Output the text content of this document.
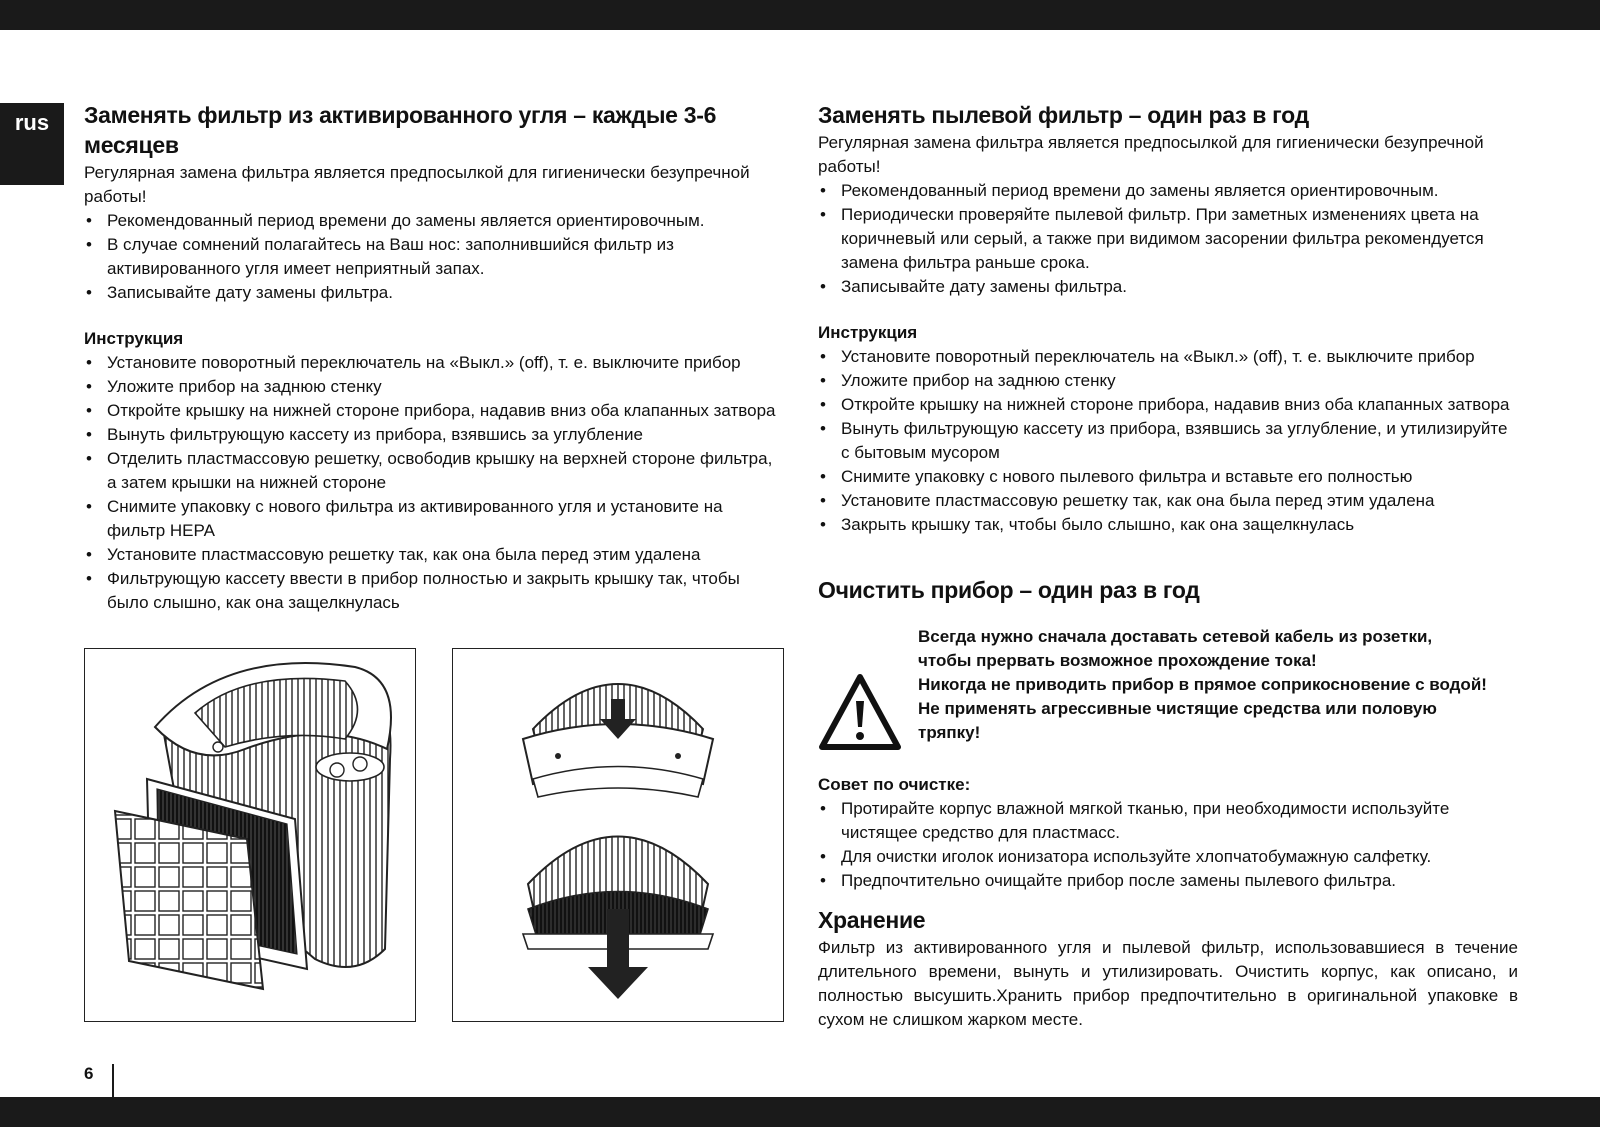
rus	Заменять фильтр из активированного угля – каждые 3-6 месяцев

Регулярная замена фильтра является предпосылкой для гигиенически безупречной работы!

• Рекомендованный период времени до замены является ориентировочным.
• В случае сомнений полагайтесь на Ваш нос: заполнившийся фильтр из активированного угля имеет неприятный запах.
• Записывайте дату замены фильтра.
Инструкция
• Установите поворотный переключатель на «Выкл.» (off), т. е. выключите прибор
• Уложите прибор на заднюю стенку
• Откройте крышку на нижней стороне прибора, надавив вниз оба клапанных затвора
• Вынуть фильтрующую кассету из прибора, взявшись за углубление
• Отделить пластмассовую решетку, освободив крышку на верхней стороне фильтра, а затем крышки на нижней стороне
• Снимите упаковку с нового фильтра из активированного угля и установите на фильтр HEPA
• Установите пластмассовую решетку так, как она была перед этим удалена
• Фильтрующую кассету ввести в прибор полностью и закрыть крышку так, чтобы было слышно, как она защелкнулась
Заменять пылевой фильтр – один раз в год

Регулярная замена фильтра является предпосылкой для гигиенически безупречной работы!

• Рекомендованный период времени до замены является ориентировочным.
• Периодически проверяйте пылевой фильтр. При заметных изменениях цвета на коричневый или серый, а также при видимом засорении фильтра рекомендуется замена фильтра раньше срока.
• Записывайте дату замены фильтра.
Инструкция
• Установите поворотный переключатель на «Выкл.» (off), т. е. выключите прибор
• Уложите прибор на заднюю стенку
• Откройте крышку на нижней стороне прибора, надавив вниз оба клапанных затвора
• Вынуть фильтрующую кассету из прибора, взявшись за углубление, и утилизируйте с бытовым мусором
• Снимите упаковку с нового пылевого фильтра и вставьте его полностью
• Установите пластмассовую решетку так, как она была перед этим удалена
• Закрыть крышку так, чтобы было слышно, как она защелкнулась
Очистить прибор – один раз в год
Всегда нужно сначала доставать сетевой кабель из розетки,
чтобы прервать возможное прохождение тока!
Никогда не приводить прибор в прямое соприкосновение с водой!
Не применять агрессивные чистящие средства или половую
тряпку!
Совет по очистке:
• Протирайте корпус влажной мягкой тканью, при необходимости используйте чистящее средство для пластмасс.
• Для очистки иголок ионизатора используйте хлопчатобумажную салфетку.
• Предпочтительно очищайте прибор после замены пылевого фильтра.
Хранение

Фильтр из активированного угля и пылевой фильтр, использовавшиеся в течение длительного времени, вынуть и утилизировать. Очистить корпус, как описано, и полностью высушить.Хранить прибор предпочтительно в оригинальной упаковке в сухом не слишком жарком месте.

6
